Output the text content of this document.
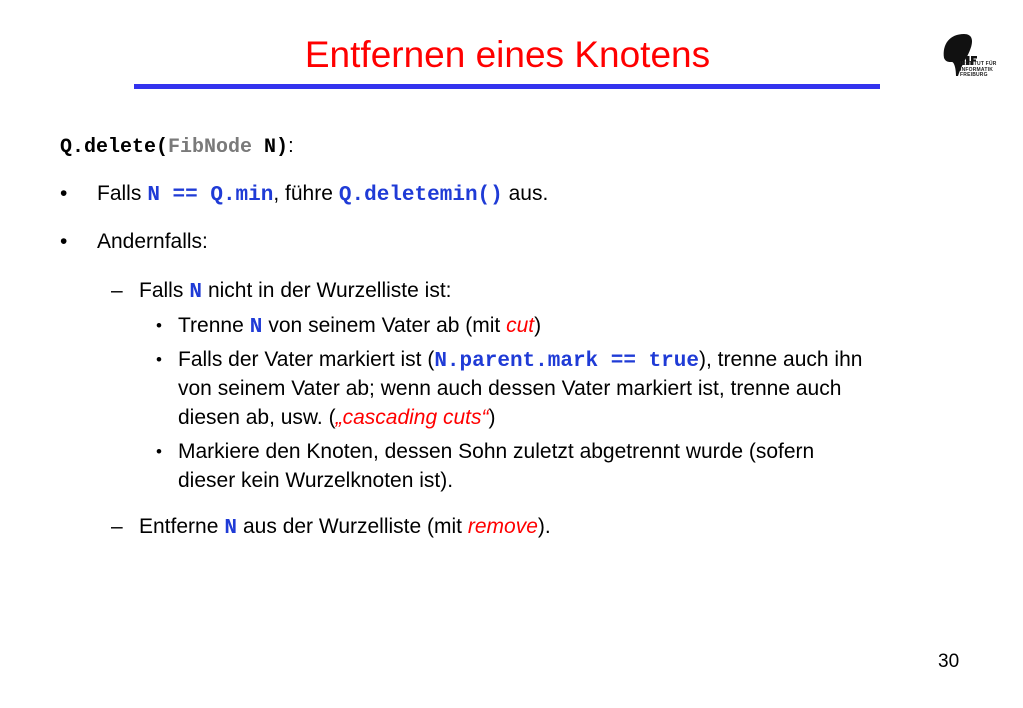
Entfernen eines Knotens	INSTITUT FÜR
INFORMATIK
FREIBURG
Q.delete(FibNode N):
• Falls N == Q.min, führe Q.deletemin() aus.
• Andernfalls:
– Falls N nicht in der Wurzelliste ist:
• Trenne N von seinem Vater ab (mit cut)
• Falls der Vater markiert ist (N.parent.mark == true), trenne auch ihn
von seinem Vater ab; wenn auch dessen Vater markiert ist, trenne auch
diesen ab, usw. („cascading cuts“)
• Markiere den Knoten, dessen Sohn zuletzt abgetrennt wurde (sofern
dieser kein Wurzelknoten ist).
– Entferne N aus der Wurzelliste (mit remove).
30
